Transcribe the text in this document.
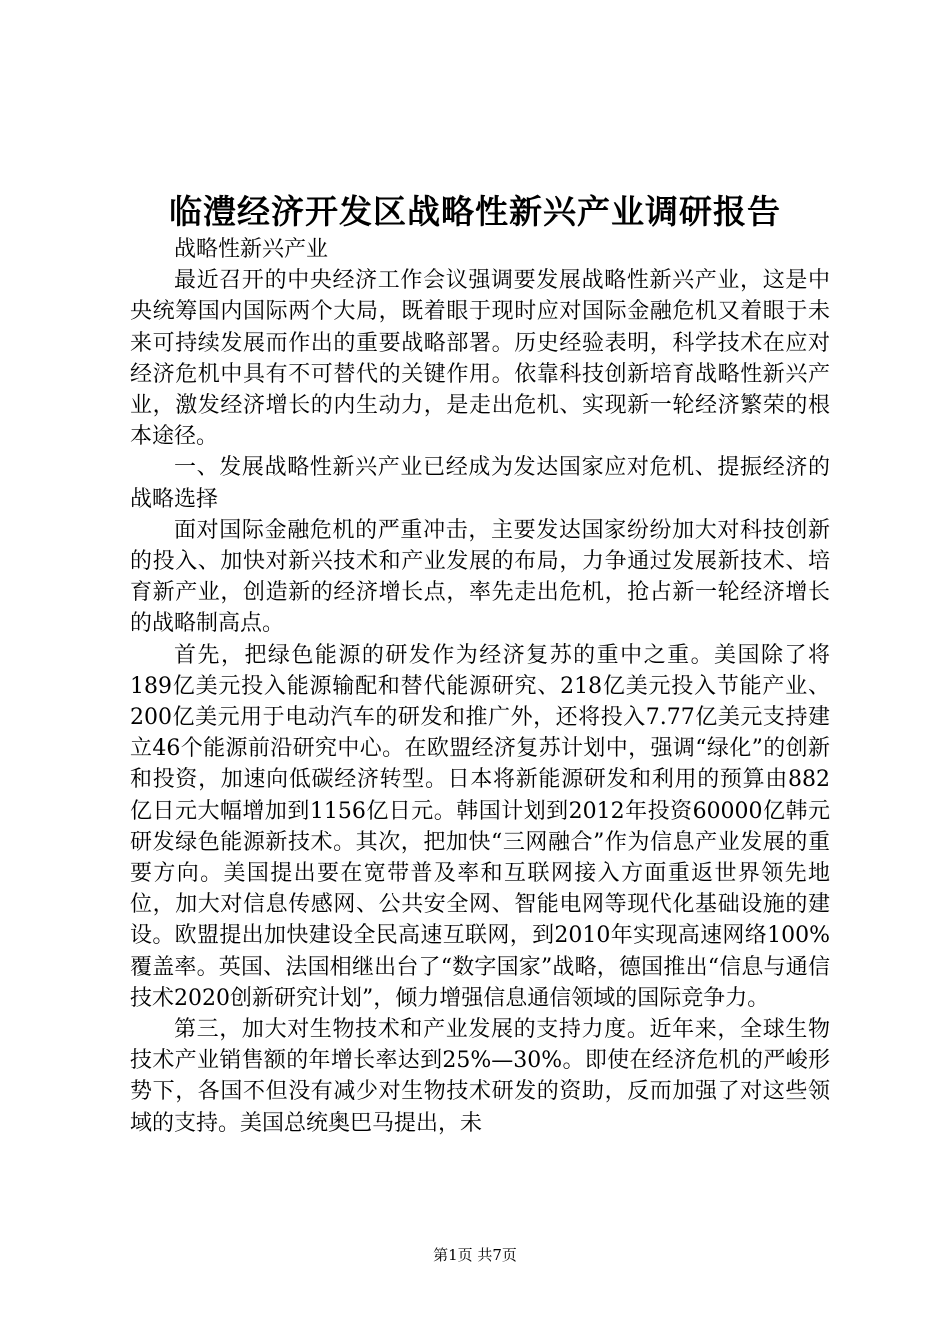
临澧经济开发区战略性新兴产业调研报告

战略性新兴产业

最近召开的中央经济工作会议强调要发展战略性新兴产业，这是中央统筹国内国际两个大局，既着眼于现时应对国际金融危机又着眼于未来可持续发展而作出的重要战略部署。历史经验表明，科学技术在应对经济危机中具有不可替代的关键作用。依靠科技创新培育战略性新兴产业，激发经济增长的内生动力，是走出危机、实现新一轮经济繁荣的根本途径。

一、发展战略性新兴产业已经成为发达国家应对危机、提振经济的战略选择

面对国际金融危机的严重冲击，主要发达国家纷纷加大对科技创新的投入、加快对新兴技术和产业发展的布局，力争通过发展新技术、培育新产业，创造新的经济增长点，率先走出危机，抢占新一轮经济增长的战略制高点。

首先，把绿色能源的研发作为经济复苏的重中之重。美国除了将189亿美元投入能源输配和替代能源研究、218亿美元投入节能产业、200亿美元用于电动汽车的研发和推广外，还将投入7.77亿美元支持建立46个能源前沿研究中心。在欧盟经济复苏计划中，强调“绿化”的创新和投资，加速向低碳经济转型。日本将新能源研发和利用的预算由882亿日元大幅增加到1156亿日元。韩国计划到2012年投资60000亿韩元研发绿色能源新技术。其次，把加快“三网融合”作为信息产业发展的重要方向。美国提出要在宽带普及率和互联网接入方面重返世界领先地位，加大对信息传感网、公共安全网、智能电网等现代化基础设施的建设。欧盟提出加快建设全民高速互联网，到2010年实现高速网络100%覆盖率。英国、法国相继出台了“数字国家”战略，德国推出“信息与通信技术2020创新研究计划”，倾力增强信息通信领域的国际竞争力。

第三，加大对生物技术和产业发展的支持力度。近年来，全球生物技术产业销售额的年增长率达到25%—30%。即使在经济危机的严峻形势下，各国不但没有减少对生物技术研发的资助，反而加强了对这些领域的支持。美国总统奥巴马提出，未

第1页 共7页
